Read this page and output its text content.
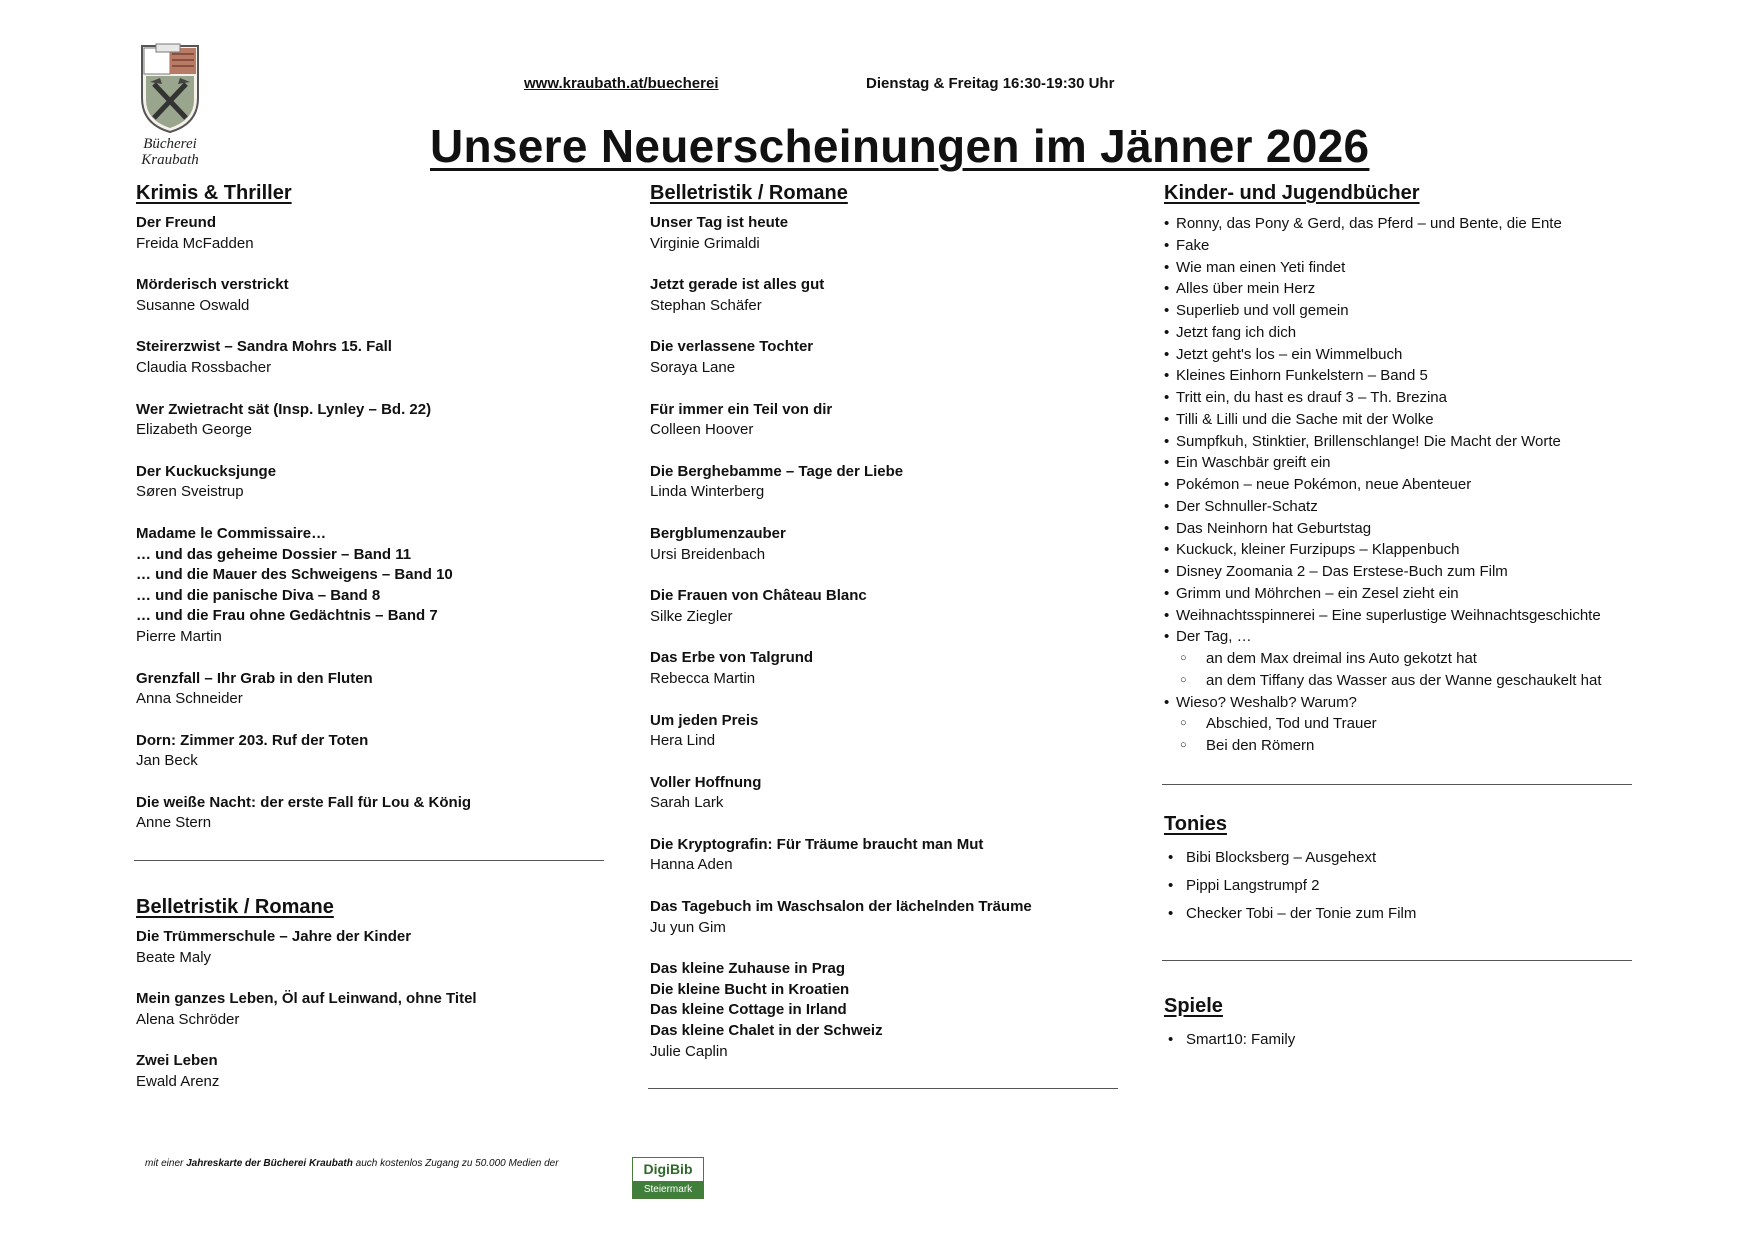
Bücherei
Kraubath
www.kraubath.at/buecherei	Dienstag & Freitag 16:30-19:30 Uhr
Unsere Neuerscheinungen im Jänner 2026
Krimis & Thriller
Der Freund
Freida McFadden
Mörderisch verstrickt
Susanne Oswald
Steirerzwist – Sandra Mohrs 15. Fall
Claudia Rossbacher
Wer Zwietracht sät (Insp. Lynley – Bd. 22)
Elizabeth George
Der Kuckucksjunge
Søren Sveistrup
Madame le Commissaire…
… und das geheime Dossier – Band 11
… und die Mauer des Schweigens – Band 10
… und die panische Diva – Band 8
… und die Frau ohne Gedächtnis – Band 7
Pierre Martin
Grenzfall – Ihr Grab in den Fluten
Anna Schneider
Dorn: Zimmer 203. Ruf der Toten
Jan Beck
Die weiße Nacht: der erste Fall für Lou & König
Anne Stern
Belletristik / Romane
Die Trümmerschule – Jahre der Kinder
Beate Maly
Mein ganzes Leben, Öl auf Leinwand, ohne Titel
Alena Schröder
Zwei Leben
Ewald Arenz
Belletristik / Romane
Unser Tag ist heute
Virginie Grimaldi
Jetzt gerade ist alles gut
Stephan Schäfer
Die verlassene Tochter
Soraya Lane
Für immer ein Teil von dir
Colleen Hoover
Die Berghebamme – Tage der Liebe
Linda Winterberg
Bergblumenzauber
Ursi Breidenbach
Die Frauen von Château Blanc
Silke Ziegler
Das Erbe von Talgrund
Rebecca Martin
Um jeden Preis
Hera Lind
Voller Hoffnung
Sarah Lark
Die Kryptografin: Für Träume braucht man Mut
Hanna Aden
Das Tagebuch im Waschsalon der lächelnden Träume
Ju yun Gim
Das kleine Zuhause in Prag
Die kleine Bucht in Kroatien
Das kleine Cottage in Irland
Das kleine Chalet in der Schweiz
Julie Caplin
Kinder- und Jugendbücher
• Ronny, das Pony & Gerd, das Pferd – und Bente, die Ente
• Fake
• Wie man einen Yeti findet
• Alles über mein Herz
• Superlieb und voll gemein
• Jetzt fang ich dich
• Jetzt geht's los – ein Wimmelbuch
• Kleines Einhorn Funkelstern – Band 5
• Tritt ein, du hast es drauf 3 – Th. Brezina
• Tilli & Lilli und die Sache mit der Wolke
• Sumpfkuh, Stinktier, Brillenschlange! Die Macht der Worte
• Ein Waschbär greift ein
• Pokémon – neue Pokémon, neue Abenteuer
• Der Schnuller-Schatz
• Das Neinhorn hat Geburtstag
• Kuckuck, kleiner Furzipups – Klappenbuch
• Disney Zoomania 2 – Das Erstese-Buch zum Film
• Grimm und Möhrchen – ein Zesel zieht ein
• Weihnachtsspinnerei – Eine superlustige Weihnachtsgeschichte
• Der Tag, …
○ an dem Max dreimal ins Auto gekotzt hat
○ an dem Tiffany das Wasser aus der Wanne geschaukelt hat
• Wieso? Weshalb? Warum?
○ Abschied, Tod und Trauer
○ Bei den Römern
Tonies
• Bibi Blocksberg – Ausgehext
• Pippi Langstrumpf 2
• Checker Tobi – der Tonie zum Film
Spiele
• Smart10: Family
mit einer Jahreskarte der Bücherei Kraubath auch kostenlos Zugang zu 50.000 Medien der	DigiBib
Steiermark
